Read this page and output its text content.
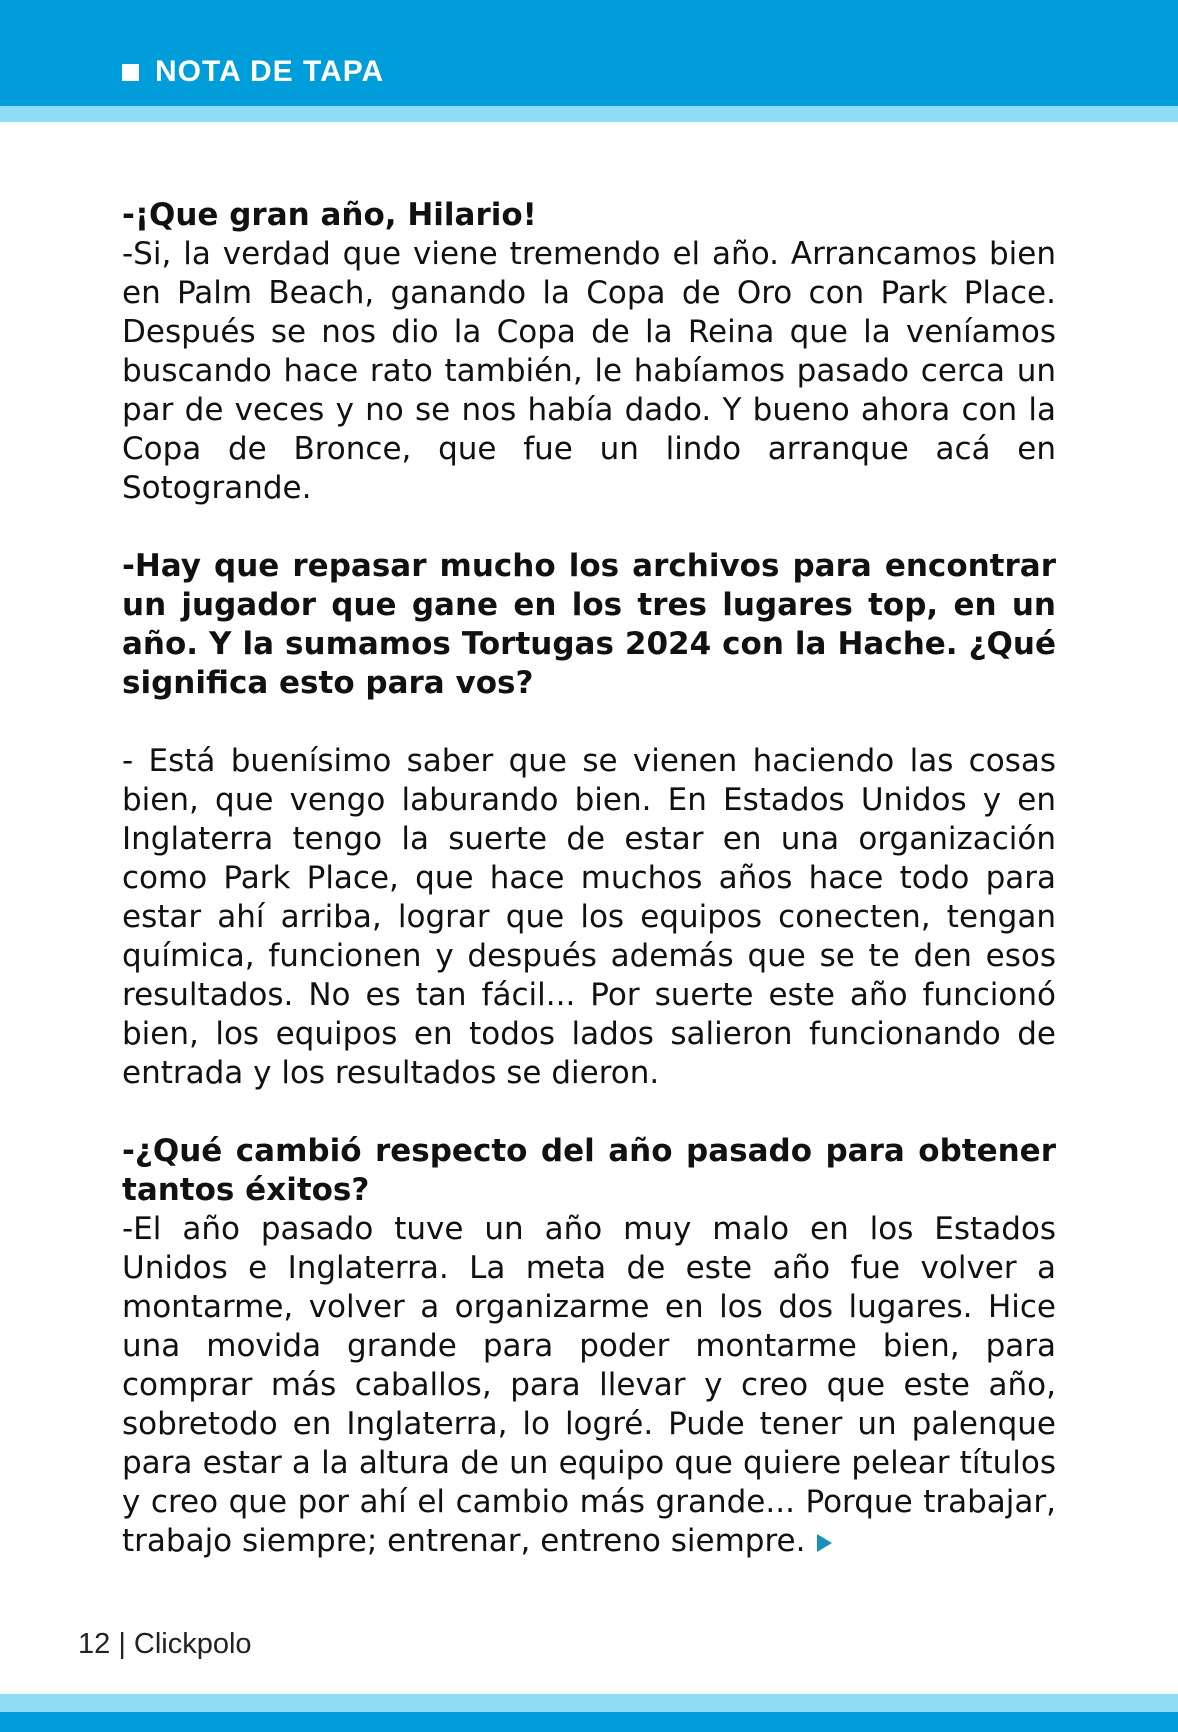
NOTA DE TAPA

-¡Que gran año, Hilario!

-Si, la verdad que viene tremendo el año. Arrancamos bien en Palm Beach, ganando la Copa de Oro con Park Place. Después se nos dio la Copa de la Reina que la veníamos buscando hace rato también, le habíamos pasado cerca un par de veces y no se nos había dado. Y bueno ahora con la Copa de Bronce, que fue un lindo arranque acá en Sotogrande.

-Hay que repasar mucho los archivos para encontrar un jugador que gane en los tres lugares top, en un año. Y la sumamos Tortugas 2024 con la Hache. ¿Qué significa esto para vos?

- Está buenísimo saber que se vienen haciendo las cosas bien, que vengo laburando bien. En Estados Unidos y en Inglaterra tengo la suerte de estar en una organización como Park Place, que hace muchos años hace todo para estar ahí arriba, lograr que los equipos conecten, tengan química, funcionen y después además que se te den esos resultados. No es tan fácil... Por suerte este año funcionó bien, los equipos en todos lados salieron funcionando de entrada y los resultados se dieron.

-¿Qué cambió respecto del año pasado para obtener tantos éxitos?

-El año pasado tuve un año muy malo en los Estados Unidos e Inglaterra. La meta de este año fue volver a montarme, volver a organizarme en los dos lugares. Hice una movida grande para poder montarme bien, para comprar más caballos, para llevar y creo que este año, sobretodo en Inglaterra, lo logré. Pude tener un palenque para estar a la altura de un equipo que quiere pelear títulos y creo que por ahí el cambio más grande... Porque trabajar, trabajo siempre; entrenar, entreno siempre.

12 | Clickpolo
